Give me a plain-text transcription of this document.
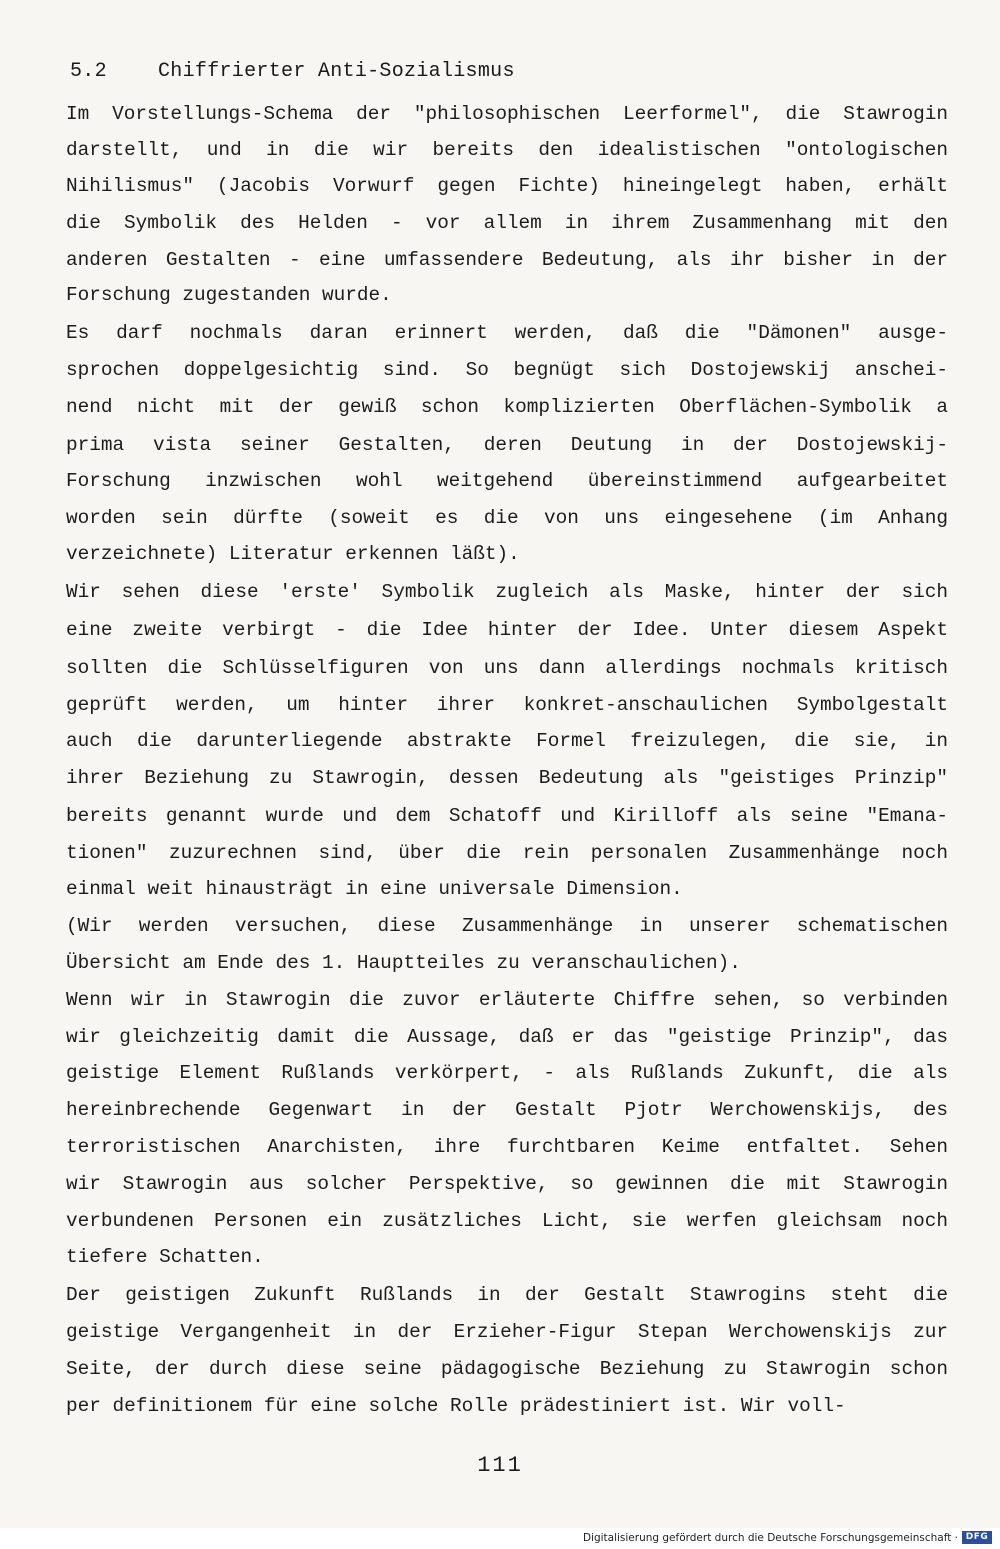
5.2	Chiffrierter Anti-Sozialismus
Im Vorstellungs-Schema der "philosophischen Leerformel", die Stawrogin
darstellt, und in die wir bereits den idealistischen "ontologischen
Nihilismus" (Jacobis Vorwurf gegen Fichte) hineingelegt haben, erhält
die Symbolik des Helden - vor allem in ihrem Zusammenhang mit den
anderen Gestalten - eine umfassendere Bedeutung, als ihr bisher in der
Forschung zugestanden wurde.
Es darf nochmals daran erinnert werden, daß die "Dämonen" ausge-
sprochen doppelgesichtig sind. So begnügt sich Dostojewskij anschei-
nend nicht mit der gewiß schon komplizierten Oberflächen-Symbolik a
prima vista seiner Gestalten, deren Deutung in der Dostojewskij-
Forschung inzwischen wohl weitgehend übereinstimmend aufgearbeitet
worden sein dürfte (soweit es die von uns eingesehene (im Anhang
verzeichnete) Literatur erkennen läßt).
Wir sehen diese 'erste' Symbolik zugleich als Maske, hinter der sich
eine zweite verbirgt - die Idee hinter der Idee. Unter diesem Aspekt
sollten die Schlüsselfiguren von uns dann allerdings nochmals kritisch
geprüft werden, um hinter ihrer konkret-anschaulichen Symbolgestalt
auch die darunterliegende abstrakte Formel freizulegen, die sie, in
ihrer Beziehung zu Stawrogin, dessen Bedeutung als "geistiges Prinzip"
bereits genannt wurde und dem Schatoff und Kirilloff als seine "Emana-
tionen" zuzurechnen sind, über die rein personalen Zusammenhänge noch
einmal weit hinausträgt in eine universale Dimension.
(Wir werden versuchen, diese Zusammenhänge in unserer schematischen
Übersicht am Ende des 1. Hauptteiles zu veranschaulichen).
Wenn wir in Stawrogin die zuvor erläuterte Chiffre sehen, so verbinden
wir gleichzeitig damit die Aussage, daß er das "geistige Prinzip", das
geistige Element Rußlands verkörpert, - als Rußlands Zukunft, die als
hereinbrechende Gegenwart in der Gestalt Pjotr Werchowenskijs, des
terroristischen Anarchisten, ihre furchtbaren Keime entfaltet. Sehen
wir Stawrogin aus solcher Perspektive, so gewinnen die mit Stawrogin
verbundenen Personen ein zusätzliches Licht, sie werfen gleichsam noch
tiefere Schatten.
Der geistigen Zukunft Rußlands in der Gestalt Stawrogins steht die
geistige Vergangenheit in der Erzieher-Figur Stepan Werchowenskijs zur
Seite, der durch diese seine pädagogische Beziehung zu Stawrogin schon
per definitionem für eine solche Rolle prädestiniert ist. Wir voll-
111
Digitalisierung gefördert durch die Deutsche Forschungsgemeinschaft · DFG
